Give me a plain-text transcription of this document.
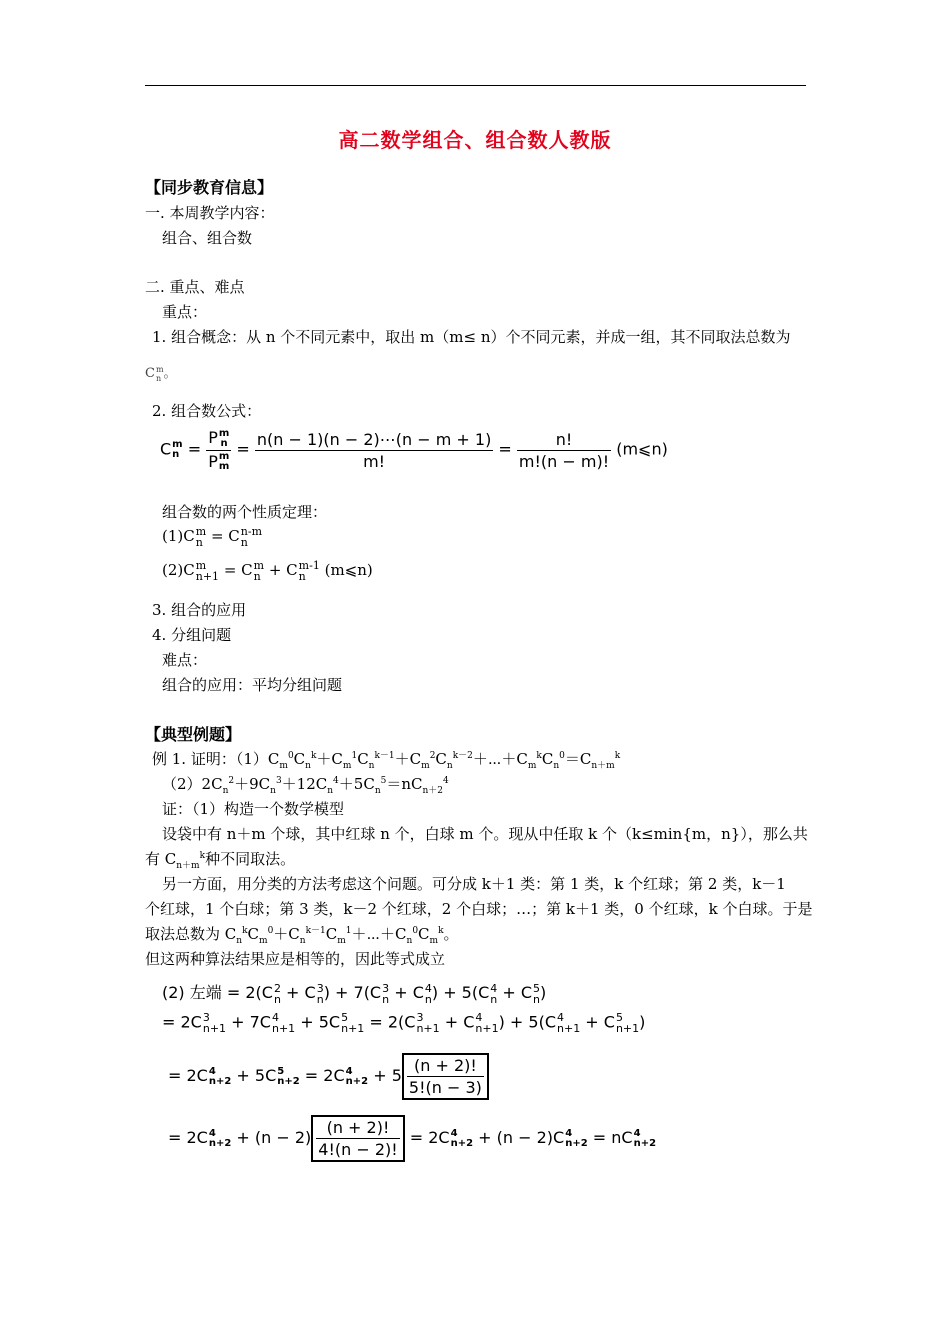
高二数学组合、组合数人教版
【同步教育信息】
一. 本周教学内容：
组合、组合数
二. 重点、难点
重点：
1. 组合概念：从 n 个不同元素中，取出 m（m≤ n）个不同元素，并成一组，其不同取法总数为
C m
n 。
2. 组合数公式：
C m
n = P m
n
P m
$m = \frac{n(n - 1)(n - 2)\cdots(n - m + 1)}{m!} = \frac{n!}{m!(n - m)!}$ (m⩽n)
组合数的两个性质定理：
(1)C m
n = C n-m
n
(2)C m
n+1 = C m
n + C m-1
n (m⩽n)
3. 组合的应用
4. 分组问题
难点：
组合的应用：平均分组问题
【典型例题】
例 1. 证明：$(1)C_m^0C_n^k+C_m^1C_n^{k-1}+C_m^2C_n^{k-2}+\cdots+C_m^kC_n^0=C_{n+m}^k$
$(2)2C_n^2+9C_n^3+12C_n^4+5C_n^5=nC_{n+2}^4$
证：（1）构造一个数学模型
设袋中有 n＋m 个球，其中红球 n 个，白球 m 个。现从中任取 k 个（k≤min{m，n}），那么共
有 $C_{n+m}^k$种不同取法。
另一方面，用分类的方法考虑这个问题。可分成 k＋1 类：第 1 类，k 个红球；第 2 类，k－1
个红球，1 个白球；第 3 类，k－2 个红球，2 个白球；…；第 k＋1 类，0 个红球，k 个白球。于是
取法总数为 $C_n^kC_m^0+C_n^{k-1}C_m^1+\cdots+C_n^0C_m^k$。
但这两种算法结果应是相等的，因此等式成立
(2) 左端 = 2(C 2
n + C 3
n ) + 7(C 3
n + C 4
n ) + 5(C 4
n + C 5
n )
= 2C 3
n+1 + 7C 4
n+1 + 5C 5
n+1 = 2(C 3
n+1 + C 4
n+1 ) + 5(C 4
n+1 + C 5
n+1 )
= 2C 4
n+2 + 5C 5
n+2 = 2C 4
$n+2 + 5 \frac{(n + 2)!}{5!(n - 3)}$
= 2C 4
$n+2 + (n - 2) \frac{(n + 2)!}{4!(n - 2)!} = 2C$ 4
n+2 + (n − 2)C 4
n+2 = nC 4
n+2
